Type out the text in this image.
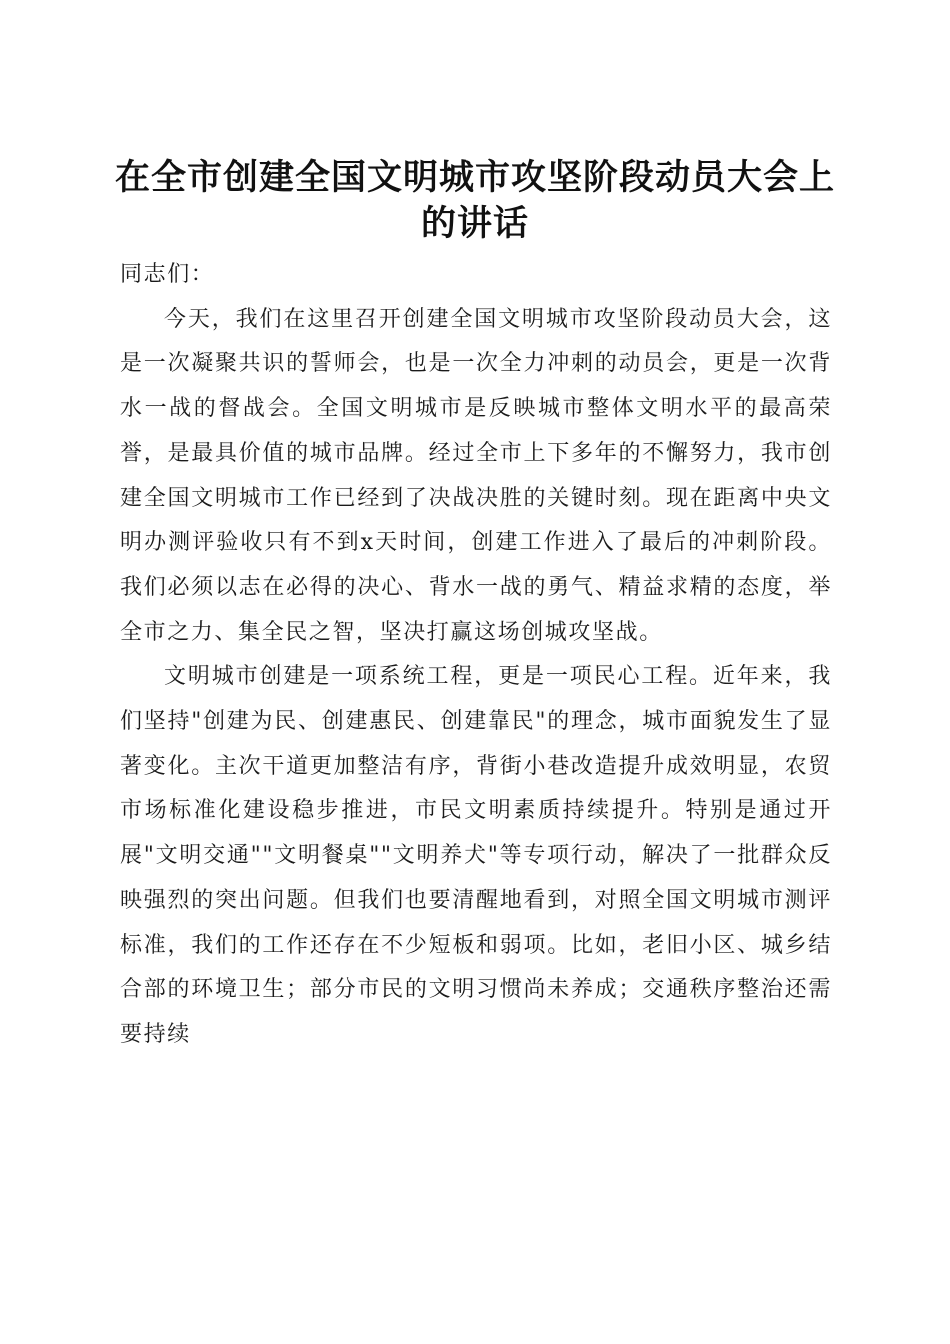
在全市创建全国文明城市攻坚阶段动员大会上
的讲话

同志们：

今天，我们在这里召开创建全国文明城市攻坚阶段动员大会，这是一次凝聚共识的誓师会，也是一次全力冲刺的动员会，更是一次背水一战的督战会。全国文明城市是反映城市整体文明水平的最高荣誉，是最具价值的城市品牌。经过全市上下多年的不懈努力，我市创建全国文明城市工作已经到了决战决胜的关键时刻。现在距离中央文明办测评验收只有不到x天时间，创建工作进入了最后的冲刺阶段。我们必须以志在必得的决心、背水一战的勇气、精益求精的态度，举全市之力、集全民之智，坚决打赢这场创城攻坚战。

文明城市创建是一项系统工程，更是一项民心工程。近年来，我们坚持"创建为民、创建惠民、创建靠民"的理念，城市面貌发生了显著变化。主次干道更加整洁有序，背街小巷改造提升成效明显，农贸市场标准化建设稳步推进，市民文明素质持续提升。特别是通过开展"文明交通""文明餐桌""文明养犬"等专项行动，解决了一批群众反映强烈的突出问题。但我们也要清醒地看到，对照全国文明城市测评标准，我们的工作还存在不少短板和弱项。比如，老旧小区、城乡结合部的环境卫生；部分市民的文明习惯尚未养成；交通秩序整治还需要持续
